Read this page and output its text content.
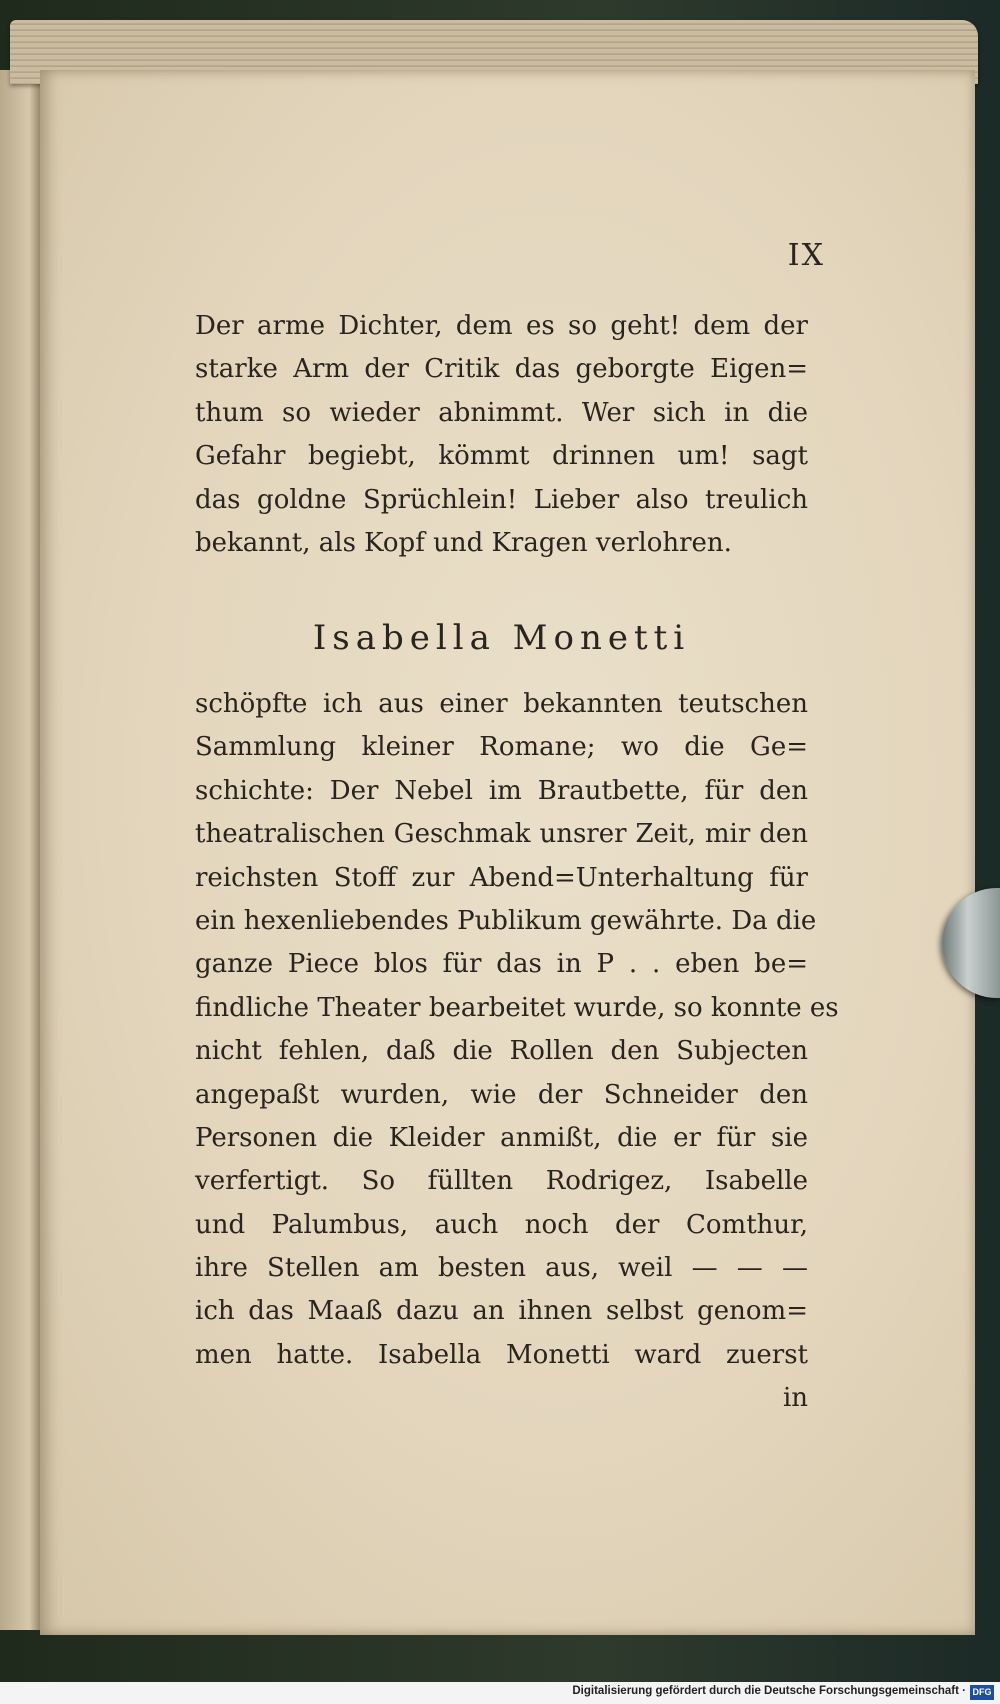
IX
Der arme Dichter, dem es so geht! dem der
starke Arm der Critik das geborgte Eigen=
thum so wieder abnimmt. Wer sich in die
Gefahr begiebt, kömmt drinnen um! sagt
das goldne Sprüchlein! Lieber also treulich
bekannt, als Kopf und Kragen verlohren.
Isabella Monetti
schöpfte ich aus einer bekannten teutschen
Sammlung kleiner Romane; wo die Ge=
schichte: Der Nebel im Brautbette, für den
theatralischen Geschmak unsrer Zeit, mir den
reichsten Stoff zur Abend=Unterhaltung für
ein hexenliebendes Publikum gewährte. Da die
ganze Piece blos für das in P . . eben be=
findliche Theater bearbeitet wurde, so konnte es
nicht fehlen, daß die Rollen den Subjecten
angepaßt wurden, wie der Schneider den
Personen die Kleider anmißt, die er für sie
verfertigt. So füllten Rodrigez, Isabelle
und Palumbus, auch noch der Comthur,
ihre Stellen am besten aus, weil — — —
ich das Maaß dazu an ihnen selbst genom=
men hatte. Isabella Monetti ward zuerst
in
Digitalisierung gefördert durch die Deutsche Forschungsgemeinschaft · DFG
